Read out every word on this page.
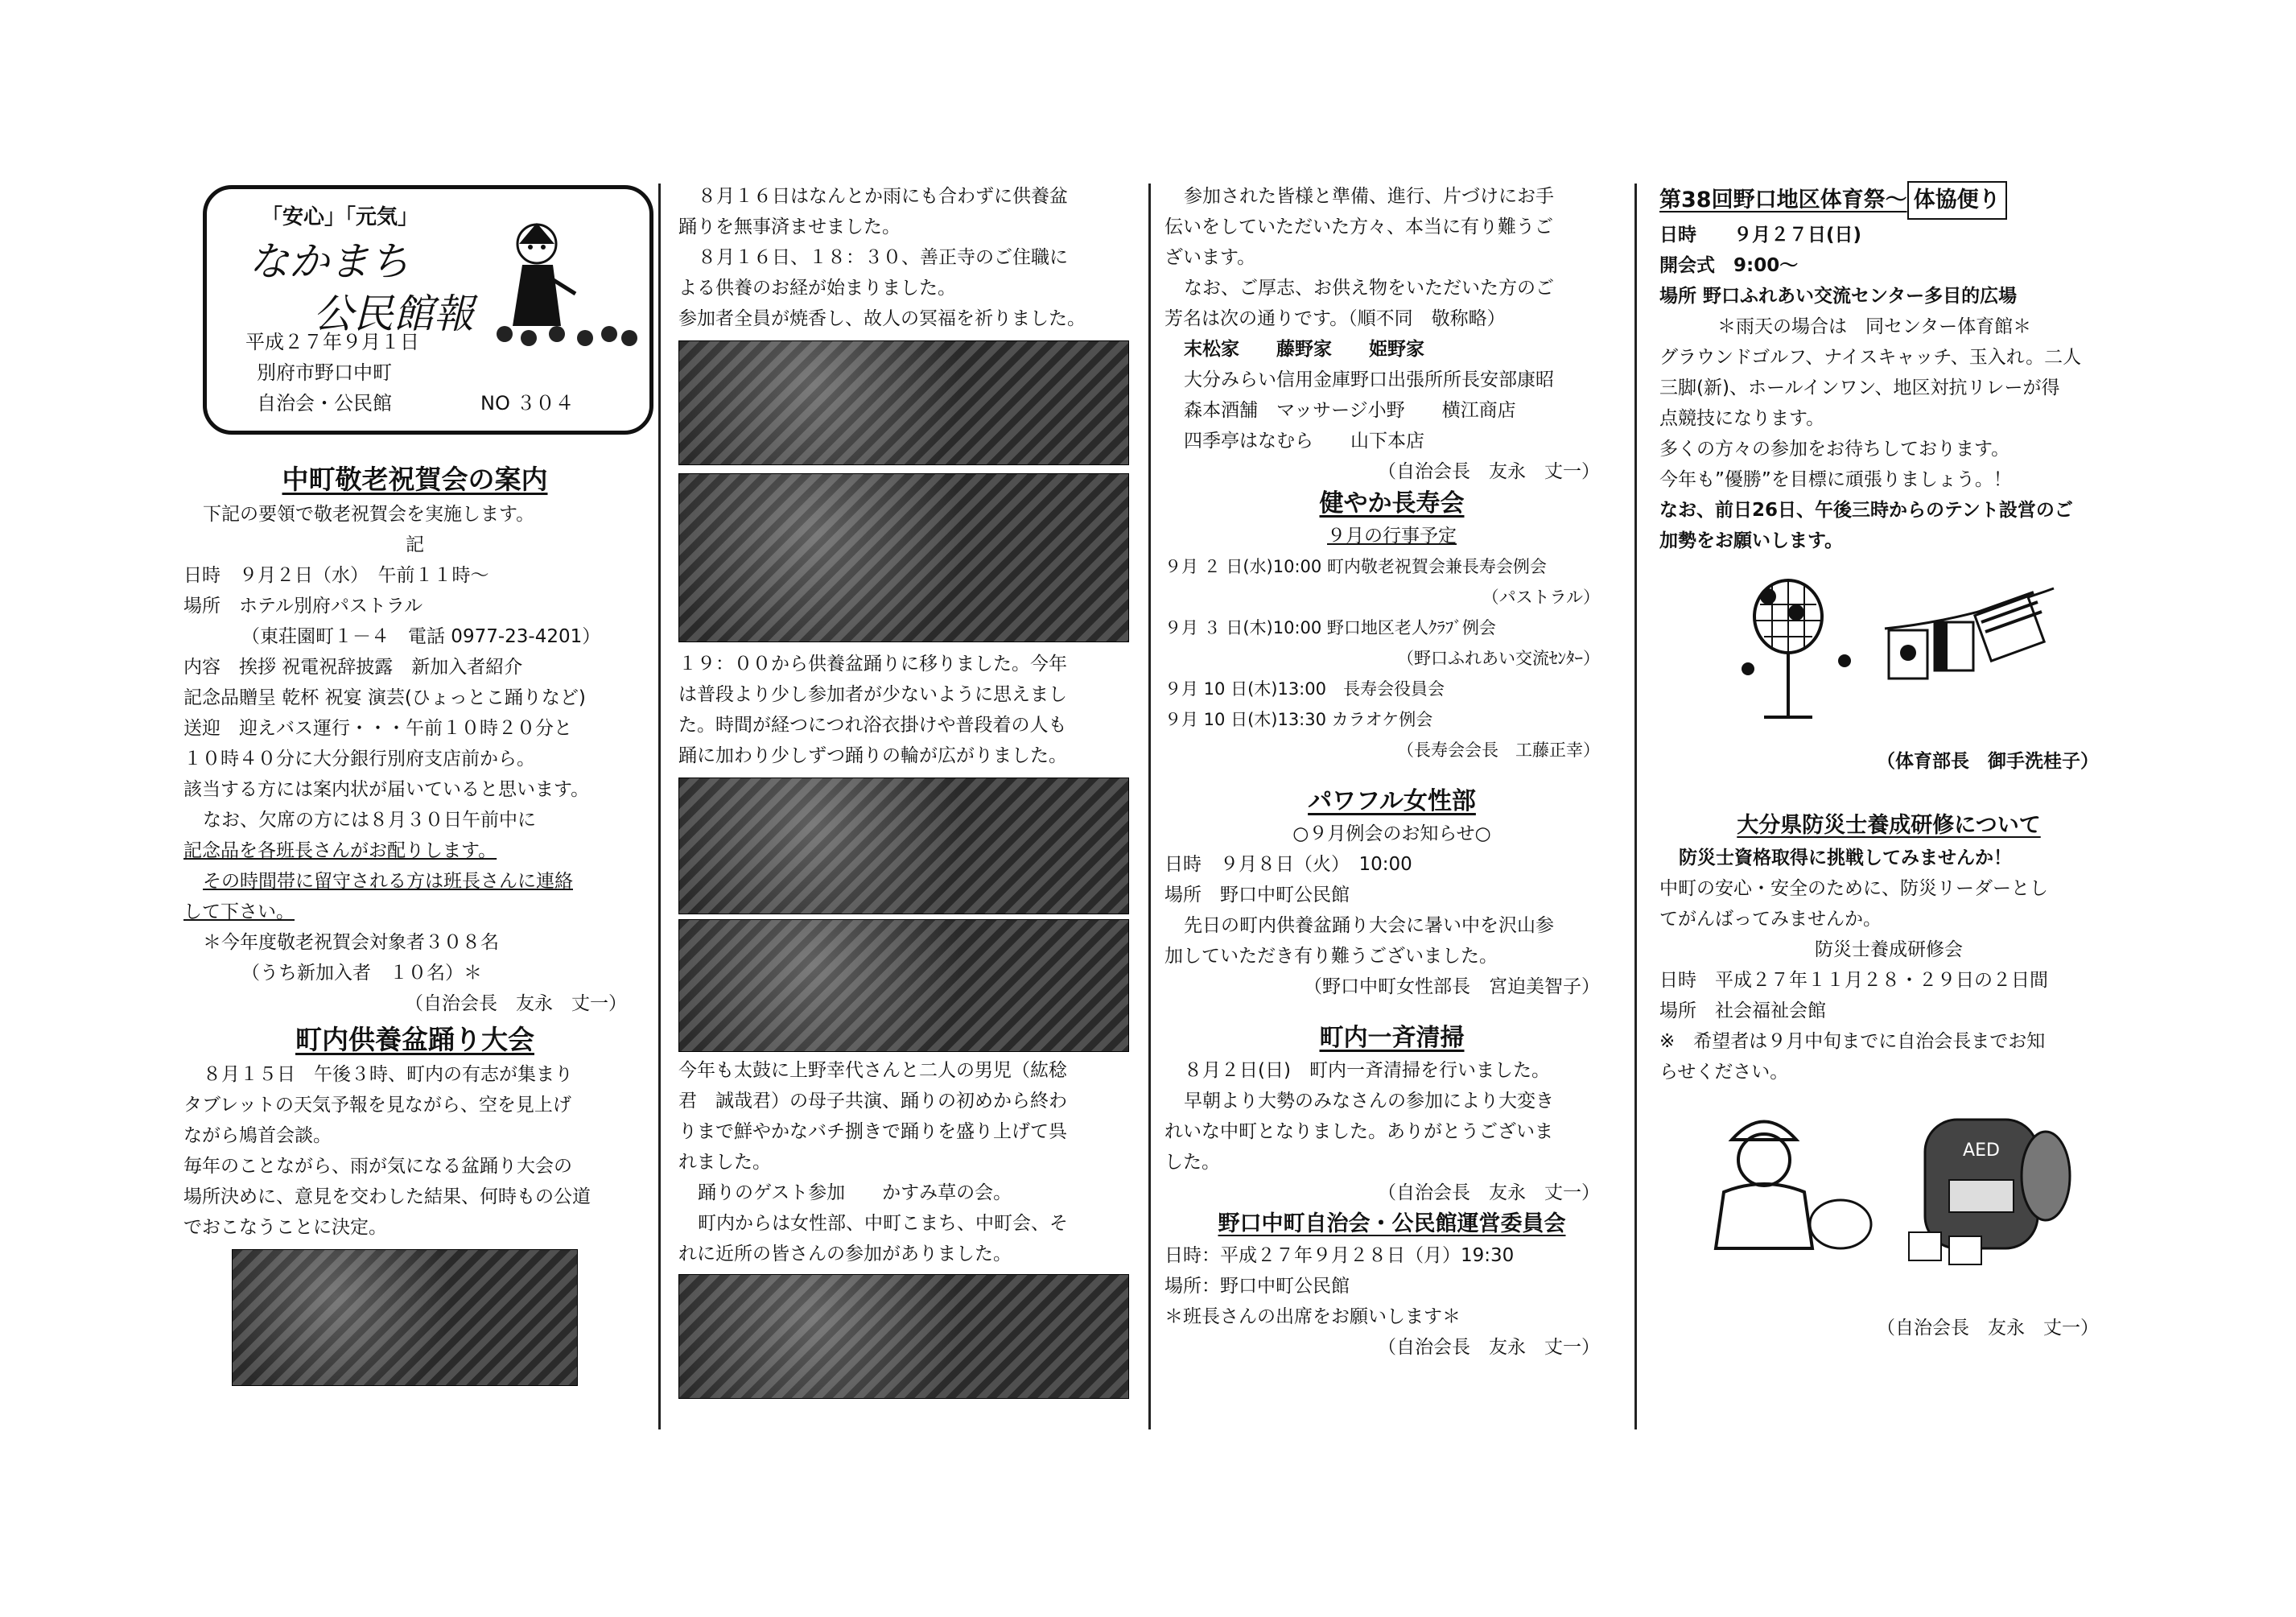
「安心」「元気」
なかまち
公民館報
平成２７年９月１日
別府市野口中町
自治会・公民館	NO ３０４

中町敬老祝賀会の案内

下記の要領で敬老祝賀会を実施します。

記

日時　９月２日（水）　午前１１時～

場所　ホテル別府パストラル

（東荘園町１－４　電話 0977-23-4201）

内容　挨拶 祝電祝辞披露　新加入者紹介

記念品贈呈 乾杯 祝宴 演芸(ひょっとこ踊りなど)

送迎　迎えバス運行・・・午前１０時２０分と

１０時４０分に大分銀行別府支店前から。

該当する方には案内状が届いていると思います。

なお、欠席の方には８月３０日午前中に

記念品を各班長さんがお配りします。

その時間帯に留守される方は班長さんに連絡

して下さい。

＊今年度敬老祝賀会対象者３０８名

（うち新加入者　１０名）＊

（自治会長　友永　丈一）

町内供養盆踊り大会

８月１５日　午後３時、町内の有志が集まり

タブレットの天気予報を見ながら、空を見上げ

ながら鳩首会談。

毎年のことながら、雨が気になる盆踊り大会の

場所決めに、意見を交わした結果、何時もの公道

でおこなうことに決定。

８月１６日はなんとか雨にも合わずに供養盆

踊りを無事済ませました。

８月１６日、１８：３０、善正寺のご住職に

よる供養のお経が始まりました。

参加者全員が焼香し、故人の冥福を祈りました。

１９：００から供養盆踊りに移りました。今年

は普段より少し参加者が少ないように思えまし

た。時間が経つにつれ浴衣掛けや普段着の人も

踊に加わり少しずつ踊りの輪が広がりました。

今年も太鼓に上野幸代さんと二人の男児（紘稔

君　誠哉君）の母子共演、踊りの初めから終わ

りまで鮮やかなバチ捌きで踊りを盛り上げて呉

れました。

踊りのゲスト参加　　かすみ草の会。

町内からは女性部、中町こまち、中町会、そ

れに近所の皆さんの参加がありました。

参加された皆様と準備、進行、片づけにお手

伝いをしていただいた方々、本当に有り難うご

ざいます。

なお、ご厚志、お供え物をいただいた方のご

芳名は次の通りです。（順不同　敬称略）

末松家　　藤野家　　姫野家

大分みらい信用金庫野口出張所所長安部康昭

森本酒舗　マッサージ小野　　横江商店

四季亭はなむら　　山下本店

（自治会長　友永　丈一）

健やか長寿会

９月の行事予定

９月 ２ 日(水)10:00 町内敬老祝賀会兼長寿会例会

（パストラル）

９月 ３ 日(木)10:00 野口地区老人ｸﾗﾌﾞ例会

（野口ふれあい交流ｾﾝﾀｰ）

９月 10 日(木)13:00　長寿会役員会

９月 10 日(木)13:30 カラオケ例会

（長寿会会長　工藤正幸）

パワフル女性部

○９月例会のお知らせ○

日時　９月８日（火）　10:00

場所　野口中町公民館

先日の町内供養盆踊り大会に暑い中を沢山参

加していただき有り難うございました。

（野口中町女性部長　宮迫美智子）

町内一斉清掃

８月２日(日)　町内一斉清掃を行いました。

早朝より大勢のみなさんの参加により大変き

れいな中町となりました。ありがとうございま

した。

（自治会長　友永　丈一）

野口中町自治会・公民館運営委員会

日時：平成２７年９月２８日（月）19:30

場所：野口中町公民館

＊班長さんの出席をお願いします＊

（自治会長　友永　丈一）

第38回野口地区体育祭～ 体協便り

日時　　９月２７日(日)

開会式　9:00～

場所 野口ふれあい交流センター多目的広場

＊雨天の場合は　同センター体育館＊

グラウンドゴルフ、ナイスキャッチ、玉入れ。二人

三脚(新)、ホールインワン、地区対抗リレーが得

点競技になります。

多くの方々の参加をお待ちしております。

今年も”優勝”を目標に頑張りましょう。！

なお、前日26日、午後三時からのテント設営のご

加勢をお願いします。

（体育部長　御手洗桂子）

大分県防災士養成研修について

防災士資格取得に挑戦してみませんか！

中町の安心・安全のために、防災リーダーとし

てがんばってみませんか。

防災士養成研修会

日時　平成２７年１１月２８・２９日の２日間

場所　社会福祉会館

※　希望者は９月中旬までに自治会長までお知

らせください。

AED

（自治会長　友永　丈一）
